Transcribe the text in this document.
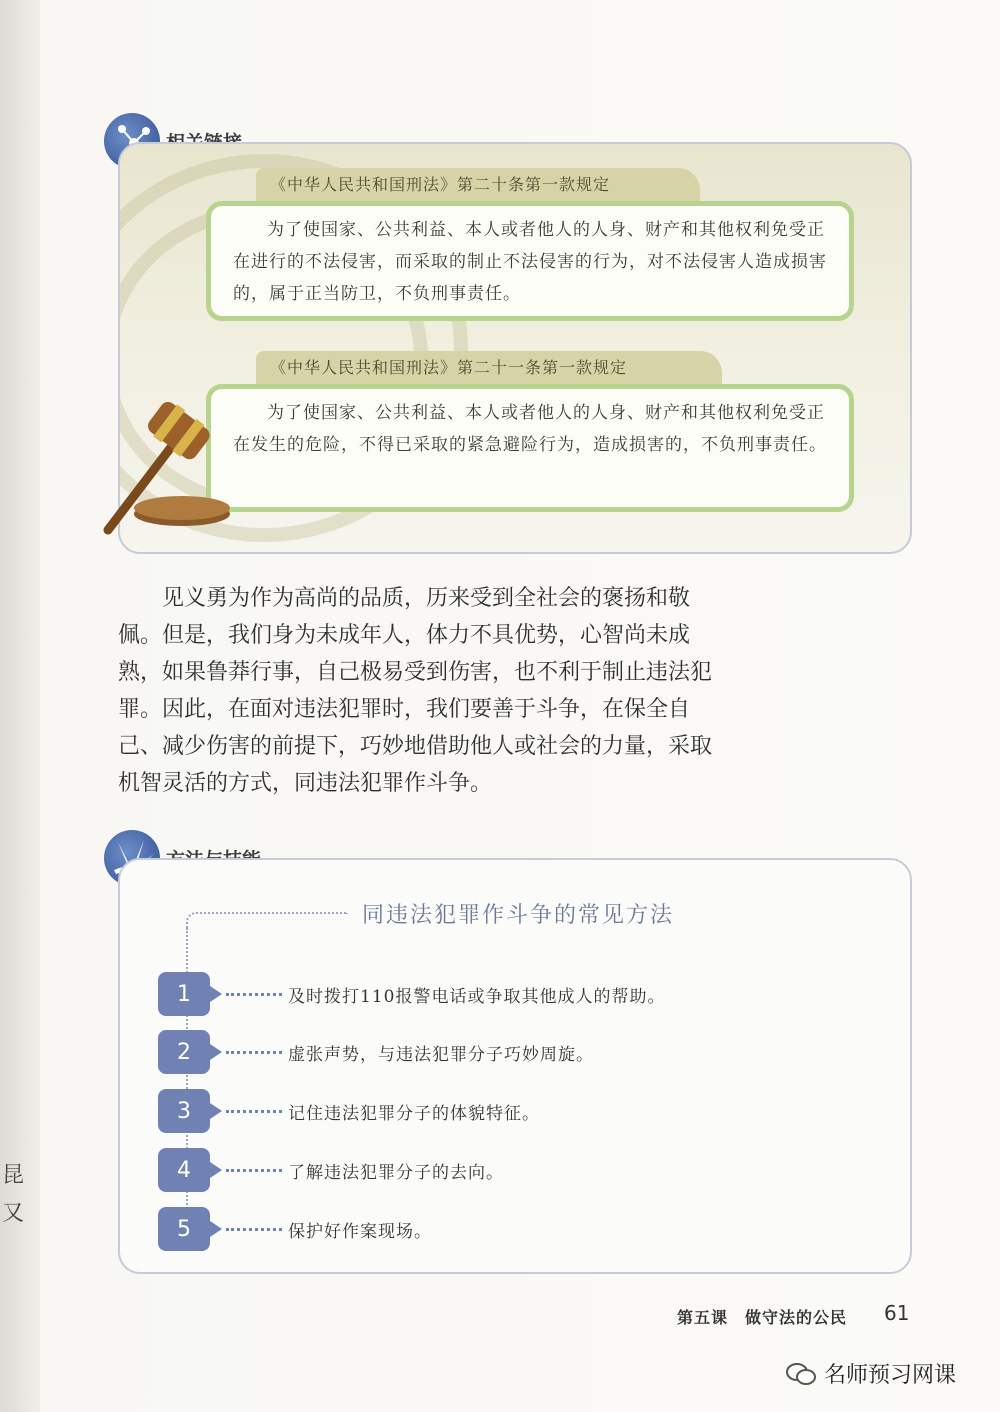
昆
又
《中华人民共和国刑法》第二十条第一款规定

为了使国家、公共利益、本人或者他人的人身、财产和其他权利免受正在进行的不法侵害，而采取的制止不法侵害的行为，对不法侵害人造成损害的，属于正当防卫，不负刑事责任。

《中华人民共和国刑法》第二十一条第一款规定

为了使国家、公共利益、本人或者他人的人身、财产和其他权利免受正在发生的危险，不得已采取的紧急避险行为，造成损害的，不负刑事责任。

见义勇为作为高尚的品质，历来受到全社会的褒扬和敬佩。但是，我们身为未成年人，体力不具优势，心智尚未成熟，如果鲁莽行事，自己极易受到伤害，也不利于制止违法犯罪。因此，在面对违法犯罪时，我们要善于斗争，在保全自己、减少伤害的前提下，巧妙地借助他人或社会的力量，采取机智灵活的方式，同违法犯罪作斗争。

同违法犯罪作斗争的常见方法
1	及时拨打110报警电话或争取其他成人的帮助。
2	虚张声势，与违法犯罪分子巧妙周旋。
3	记住违法犯罪分子的体貌特征。
4	了解违法犯罪分子的去向。
5	保护好作案现场。
第五课　做守法的公民 61
名师预习网课
